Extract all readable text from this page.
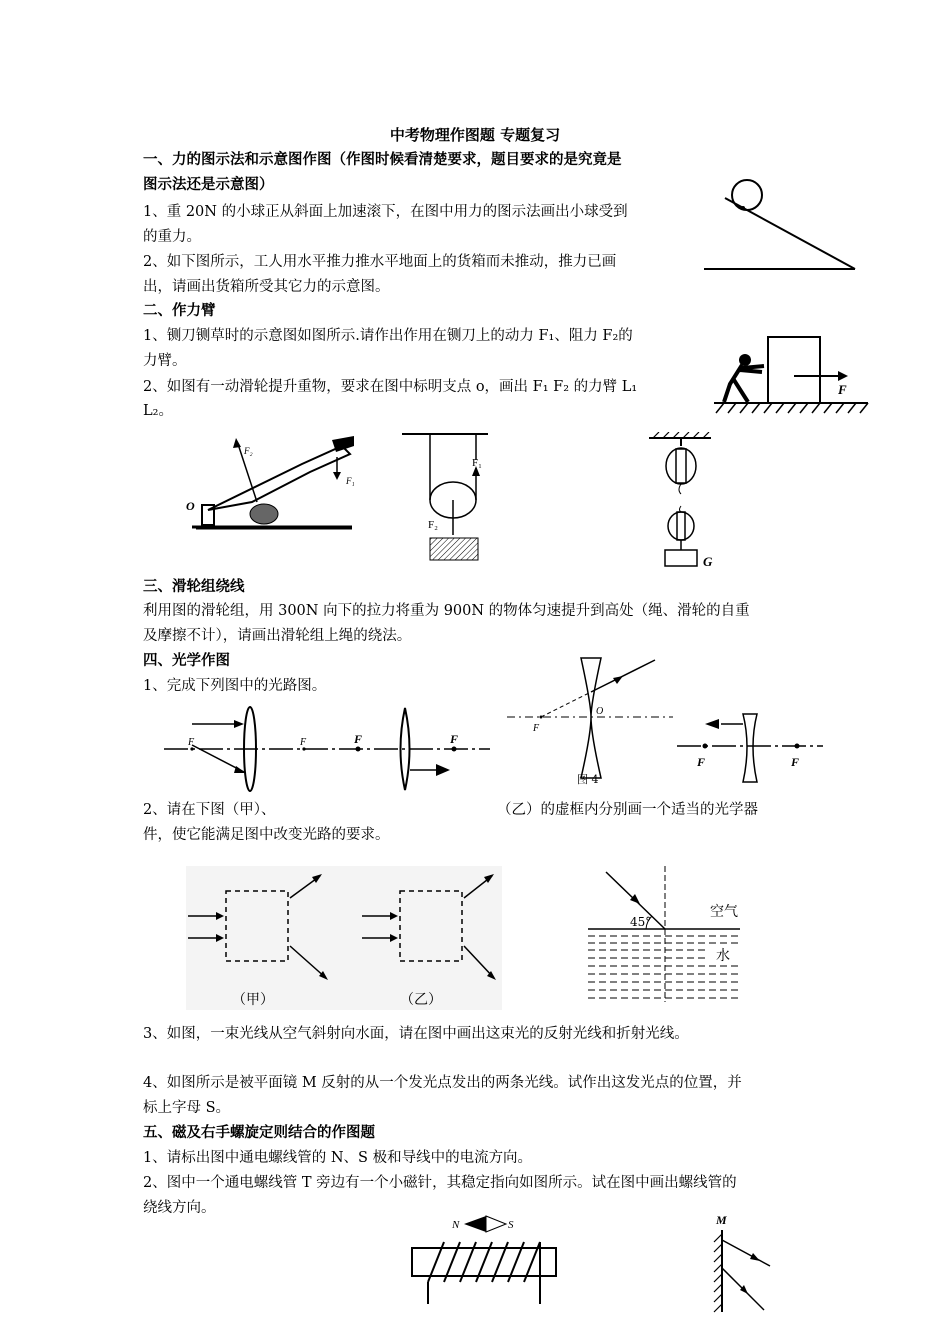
中考物理作图题 专题复习
一、力的图示法和示意图作图（作图时候看清楚要求，题目要求的是究竟是
图示法还是示意图）
1、重 20N 的小球正从斜面上加速滚下，在图中用力的图示法画出小球受到
的重力。
2、如下图所示，工人用水平推力推水平地面上的货箱而未推动，推力已画
出，请画出货箱所受其它力的示意图。
二、作力臂
1、铡刀铡草时的示意图如图所示.请作出作用在铡刀上的动力 F₁、阻力 F₂的
力臂。
2、如图有一动滑轮提升重物，要求在图中标明支点 o，画出 F₁ F₂ 的力臂 L₁
L₂。
F
F₂
F₁
O
F₁
F₂
G
三、滑轮组绕线
利用图的滑轮组，用 300N 向下的拉力将重为 900N 的物体匀速提升到高处（绳、滑轮的自重
及摩擦不计），请画出滑轮组上绳的绕法。
四、光学作图
1、完成下列图中的光路图。
F	F	F	F
F
O
图 4
F	F
2、请在下图（甲）、	（乙）的虚框内分别画一个适当的光学器
件，使它能满足图中改变光路的要求。
（甲）	（乙）
45°
空气
水
3、如图，一束光线从空气斜射向水面，请在图中画出这束光的反射光线和折射光线。
4、如图所示是被平面镜 M 反射的从一个发光点发出的两条光线。试作出这发光点的位置，并
标上字母 S。
五、磁及右手螺旋定则结合的作图题
1、请标出图中通电螺线管的 N、S 极和导线中的电流方向。
2、图中一个通电螺线管 T 旁边有一个小磁针，其稳定指向如图所示。试在图中画出螺线管的
绕线方向。
N	S	M
